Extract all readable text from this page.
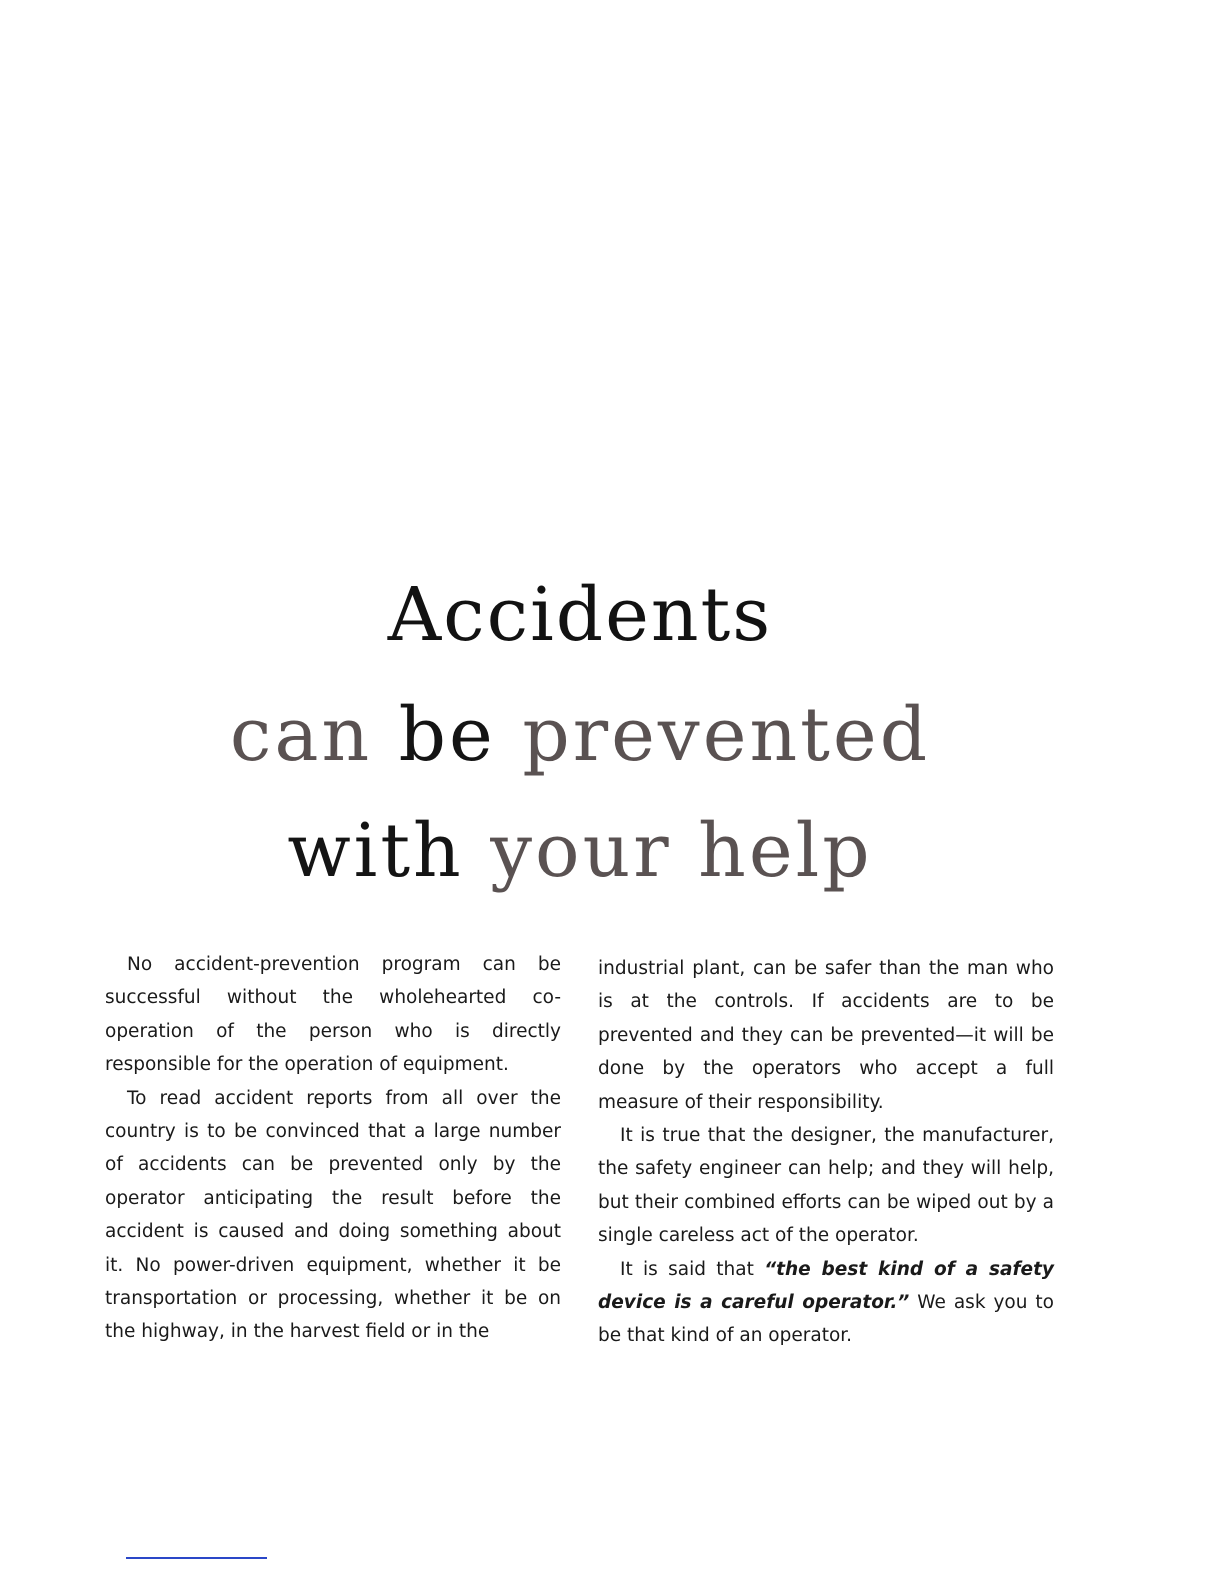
Accidents
can be prevented
with your help

No accident-prevention program can be successful without the wholehearted co-operation of the person who is directly responsible for the operation of equipment.

To read accident reports from all over the country is to be convinced that a large number of accidents can be prevented only by the operator anticipating the result before the accident is caused and doing something about it. No power-driven equipment, whether it be transportation or processing, whether it be on the highway, in the harvest field or in the

industrial plant, can be safer than the man who is at the controls. If accidents are to be prevented and they can be prevented—it will be done by the operators who accept a full measure of their responsibility.

It is true that the designer, the manufacturer, the safety engineer can help; and they will help, but their combined efforts can be wiped out by a single careless act of the operator.

It is said that “the best kind of a safety device is a careful operator.” We ask you to be that kind of an operator.
